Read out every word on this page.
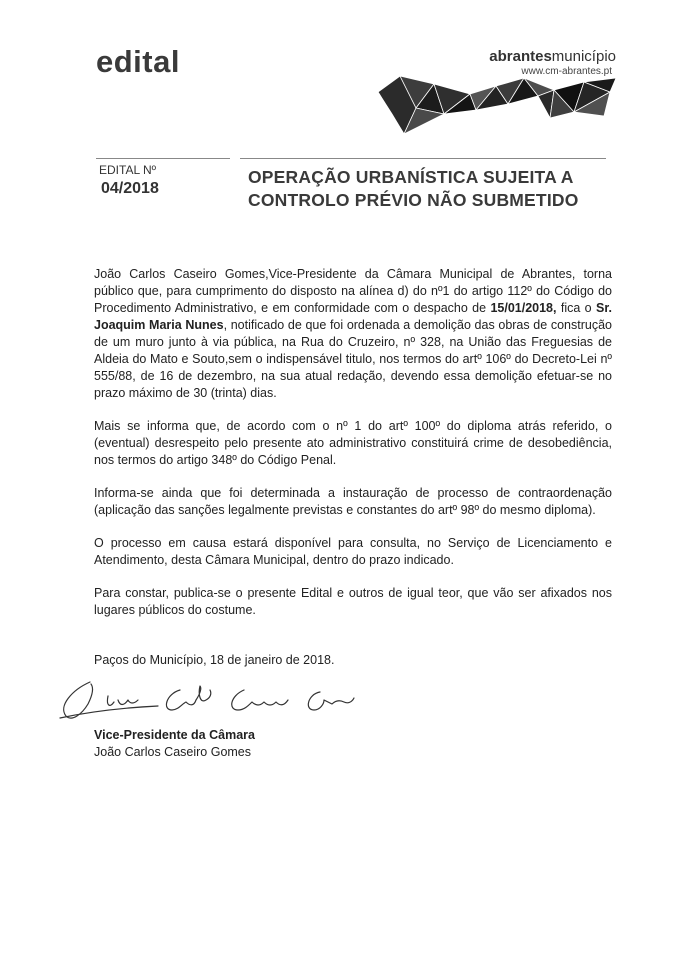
edital	abrantesmunicípio
www.cm-abrantes.pt
EDITAL Nº
04/2018
OPERAÇÃO URBANÍSTICA SUJEITA A CONTROLO PRÉVIO NÃO SUBMETIDO

João Carlos Caseiro Gomes,Vice-Presidente da Câmara Municipal de Abrantes, torna público que, para cumprimento do disposto na alínea d) do nº1 do artigo 112º do Código do Procedimento Administrativo, e em conformidade com o despacho de 15/01/2018, fica o Sr. Joaquim Maria Nunes, notificado de que foi ordenada a demolição das obras de construção de um muro junto à via pública, na Rua do Cruzeiro, nº 328, na União das Freguesias de Aldeia do Mato e Souto,sem o indispensável titulo, nos termos do artº 106º do Decreto-Lei nº 555/88, de 16 de dezembro, na sua atual redação, devendo essa demolição efetuar-se no prazo máximo de 30 (trinta) dias.

Mais se informa que, de acordo com o nº 1 do artº 100º do diploma atrás referido, o (eventual) desrespeito pelo presente ato administrativo constituirá crime de desobediência, nos termos do artigo 348º do Código Penal.

Informa-se ainda que foi determinada a instauração de processo de contraordenação (aplicação das sanções legalmente previstas e constantes do artº 98º do mesmo diploma).

O processo em causa estará disponível para consulta, no Serviço de Licenciamento e Atendimento, desta Câmara Municipal, dentro do prazo indicado.

Para constar, publica-se o presente Edital e outros de igual teor, que vão ser afixados nos lugares públicos do costume.

Paços do Município, 18 de janeiro de 2018.
Vice-Presidente da Câmara
João Carlos Caseiro Gomes
